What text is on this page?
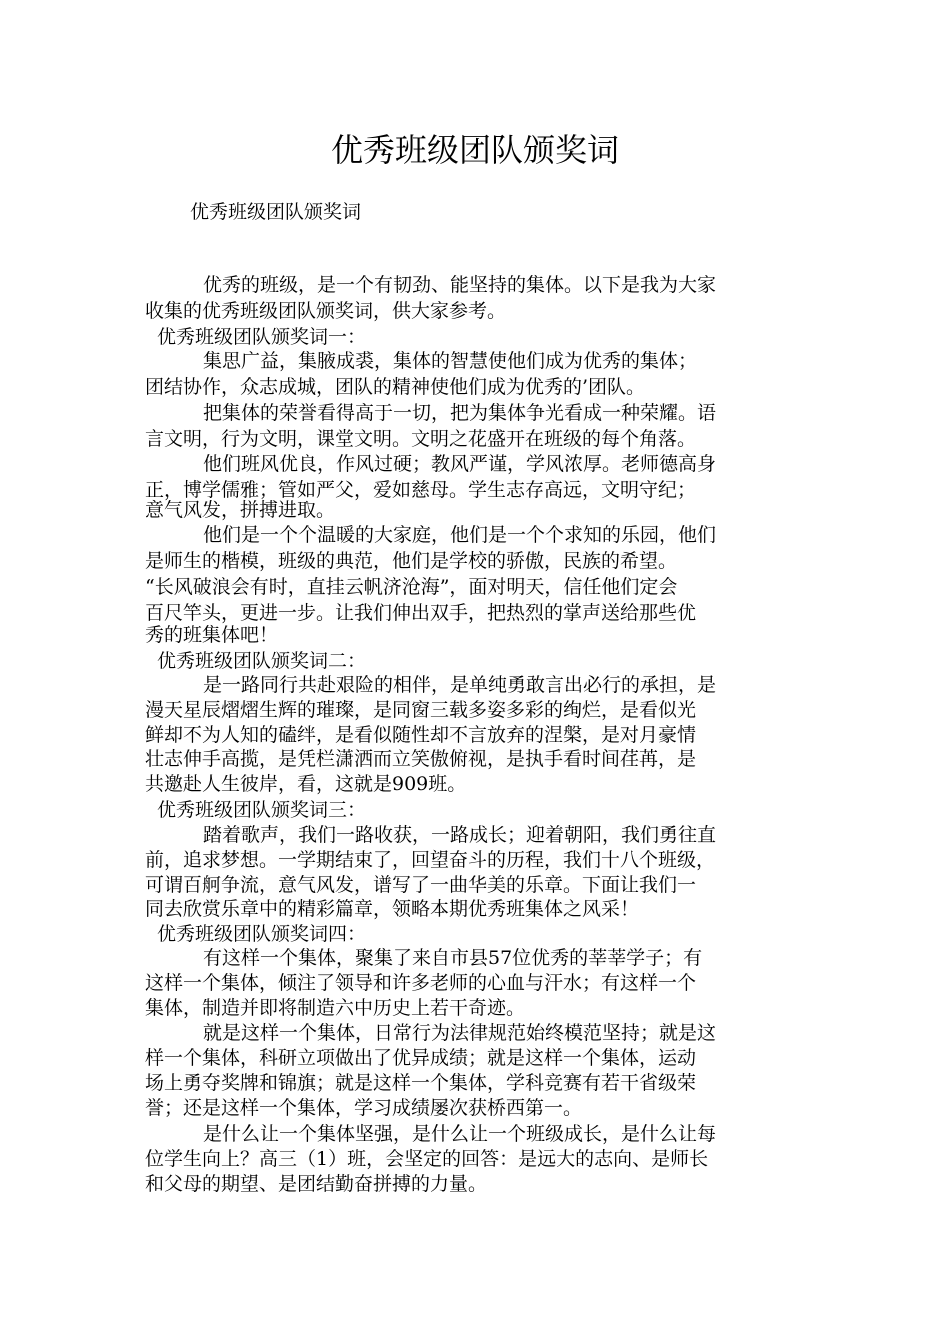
优秀班级团队颁奖词
优秀班级团队颁奖词
优秀的班级，是一个有韧劲、能坚持的集体。以下是我为大家
收集的优秀班级团队颁奖词，供大家参考。
优秀班级团队颁奖词一：
集思广益，集腋成裘，集体的智慧使他们成为优秀的集体；
团结协作，众志成城，团队的精神使他们成为优秀的’团队。
把集体的荣誉看得高于一切，把为集体争光看成一种荣耀。语
言文明，行为文明，课堂文明。文明之花盛开在班级的每个角落。
他们班风优良，作风过硬；教风严谨，学风浓厚。老师德高身
正，博学儒雅；管如严父，爱如慈母。学生志存高远，文明守纪；
意气风发，拼搏进取。
他们是一个个温暖的大家庭，他们是一个个求知的乐园，他们
是师生的楷模，班级的典范，他们是学校的骄傲，民族的希望。
“长风破浪会有时，直挂云帆济沧海”，面对明天，信任他们定会
百尺竿头，更进一步。让我们伸出双手，把热烈的掌声送给那些优
秀的班集体吧！
优秀班级团队颁奖词二：
是一路同行共赴艰险的相伴，是单纯勇敢言出必行的承担，是
漫天星辰熠熠生辉的璀璨，是同窗三载多姿多彩的绚烂，是看似光
鲜却不为人知的磕绊，是看似随性却不言放弃的涅槃，是对月豪情
壮志伸手高揽，是凭栏潇洒而立笑傲俯视，是执手看时间荏苒，是
共邀赴人生彼岸，看，这就是909班。
优秀班级团队颁奖词三：
踏着歌声，我们一路收获，一路成长；迎着朝阳，我们勇往直
前，追求梦想。一学期结束了，回望奋斗的历程，我们十八个班级，
可谓百舸争流，意气风发，谱写了一曲华美的乐章。下面让我们一
同去欣赏乐章中的精彩篇章，领略本期优秀班集体之风采！
优秀班级团队颁奖词四：
有这样一个集体，聚集了来自市县57位优秀的莘莘学子；有
这样一个集体，倾注了领导和许多老师的心血与汗水；有这样一个
集体，制造并即将制造六中历史上若干奇迹。
就是这样一个集体，日常行为法律规范始终模范坚持；就是这
样一个集体，科研立项做出了优异成绩；就是这样一个集体，运动
场上勇夺奖牌和锦旗；就是这样一个集体，学科竞赛有若干省级荣
誉；还是这样一个集体，学习成绩屡次获桥西第一。
是什么让一个集体坚强，是什么让一个班级成长，是什么让每
位学生向上？高三（1）班，会坚定的回答：是远大的志向、是师长
和父母的期望、是团结勤奋拼搏的力量。
